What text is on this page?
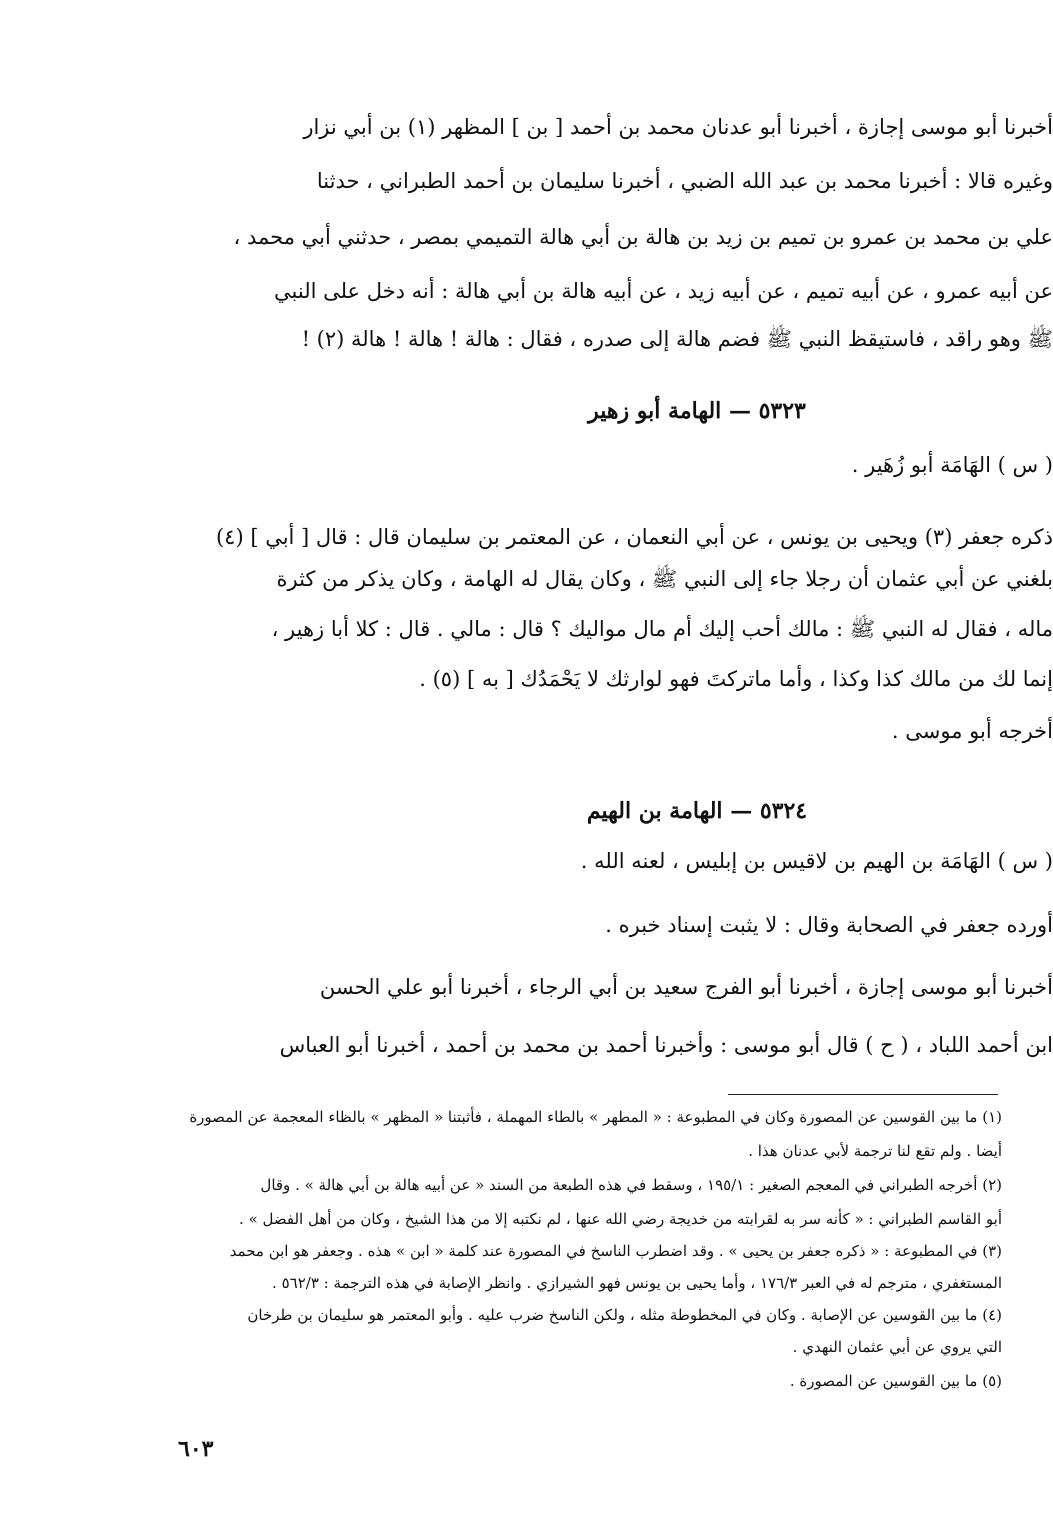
أخبرنا أبو موسى إجازة ، أخبرنا أبو عدنان محمد بن أحمد [ بن ] المظهر (١) بن أبي نزار
وغيره قالا : أخبرنا محمد بن عبد الله الضبي ، أخبرنا سليمان بن أحمد الطبراني ، حدثنا
علي بن محمد بن عمرو بن تميم بن زيد بن هالة بن أبي هالة التميمي بمصر ، حدثني أبي محمد ،
عن أبيه عمرو ، عن أبيه تميم ، عن أبيه زيد ، عن أبيه هالة بن أبي هالة : أنه دخل على النبي
ﷺ وهو راقد ، فاستيقظ النبي ﷺ فضم هالة إلى صدره ، فقال : هالة ! هالة ! هالة (٢) !
٥٣٢٣ — الهامة أبو زهير
( س ) الهَامَة أبو زُهَير .
ذكره جعفر (٣) ويحيى بن يونس ، عن أبي النعمان ، عن المعتمر بن سليمان قال : قال [ أبي ] (٤)
بلغني عن أبي عثمان أن رجلا جاء إلى النبي ﷺ ، وكان يقال له الهامة ، وكان يذكر من كثرة
ماله ، فقال له النبي ﷺ : مالك أحب إليك أم مال مواليك ؟ قال : مالي . قال : كلا أبا زهير ،
إنما لك من مالك كذا وكذا ، وأما ماتركتَ فهو لوارثك لا يَحْمَدُك [ به ] (٥) .
أخرجه أبو موسى .
٥٣٢٤ — الهامة بن الهيم
( س ) الهَامَة بن الهيم بن لاقيس بن إبليس ، لعنه الله .
أورده جعفر في الصحابة وقال : لا يثبت إسناد خبره .
أخبرنا أبو موسى إجازة ، أخبرنا أبو الفرج سعيد بن أبي الرجاء ، أخبرنا أبو علي الحسن
ابن أحمد اللباد ، ( ح ) قال أبو موسى : وأخبرنا أحمد بن محمد بن أحمد ، أخبرنا أبو العباس
(١) ما بين القوسين عن المصورة وكان في المطبوعة : « المطهر » بالطاء المهملة ، فأثبتنا « المظهر » بالظاء المعجمة عن المصورة
أيضا . ولم تقع لنا ترجمة لأبي عدنان هذا .
(٢) أخرجه الطبراني في المعجم الصغير : ١٩٥/١ ، وسقط في هذه الطبعة من السند « عن أبيه هالة بن أبي هالة » . وقال
أبو القاسم الطبراني : « كأنه سر به لقرابته من خديجة رضي الله عنها ، لم نكتبه إلا من هذا الشيخ ، وكان من أهل الفضل » .
(٣) في المطبوعة : « ذكره جعفر بن يحيى » . وقد اضطرب الناسخ في المصورة عند كلمة « ابن » هذه . وجعفر هو ابن محمد
المستغفري ، مترجم له في العبر ١٧٦/٣ ، وأما يحيى بن يونس فهو الشيرازي . وانظر الإصابة في هذه الترجمة : ٥٦٢/٣ .
(٤) ما بين القوسين عن الإصابة . وكان في المخطوطة مثله ، ولكن الناسخ ضرب عليه . وأبو المعتمر هو سليمان بن طرخان
التي يروي عن أبي عثمان النهدي .
(٥) ما بين القوسين عن المصورة .
٦٠٣
